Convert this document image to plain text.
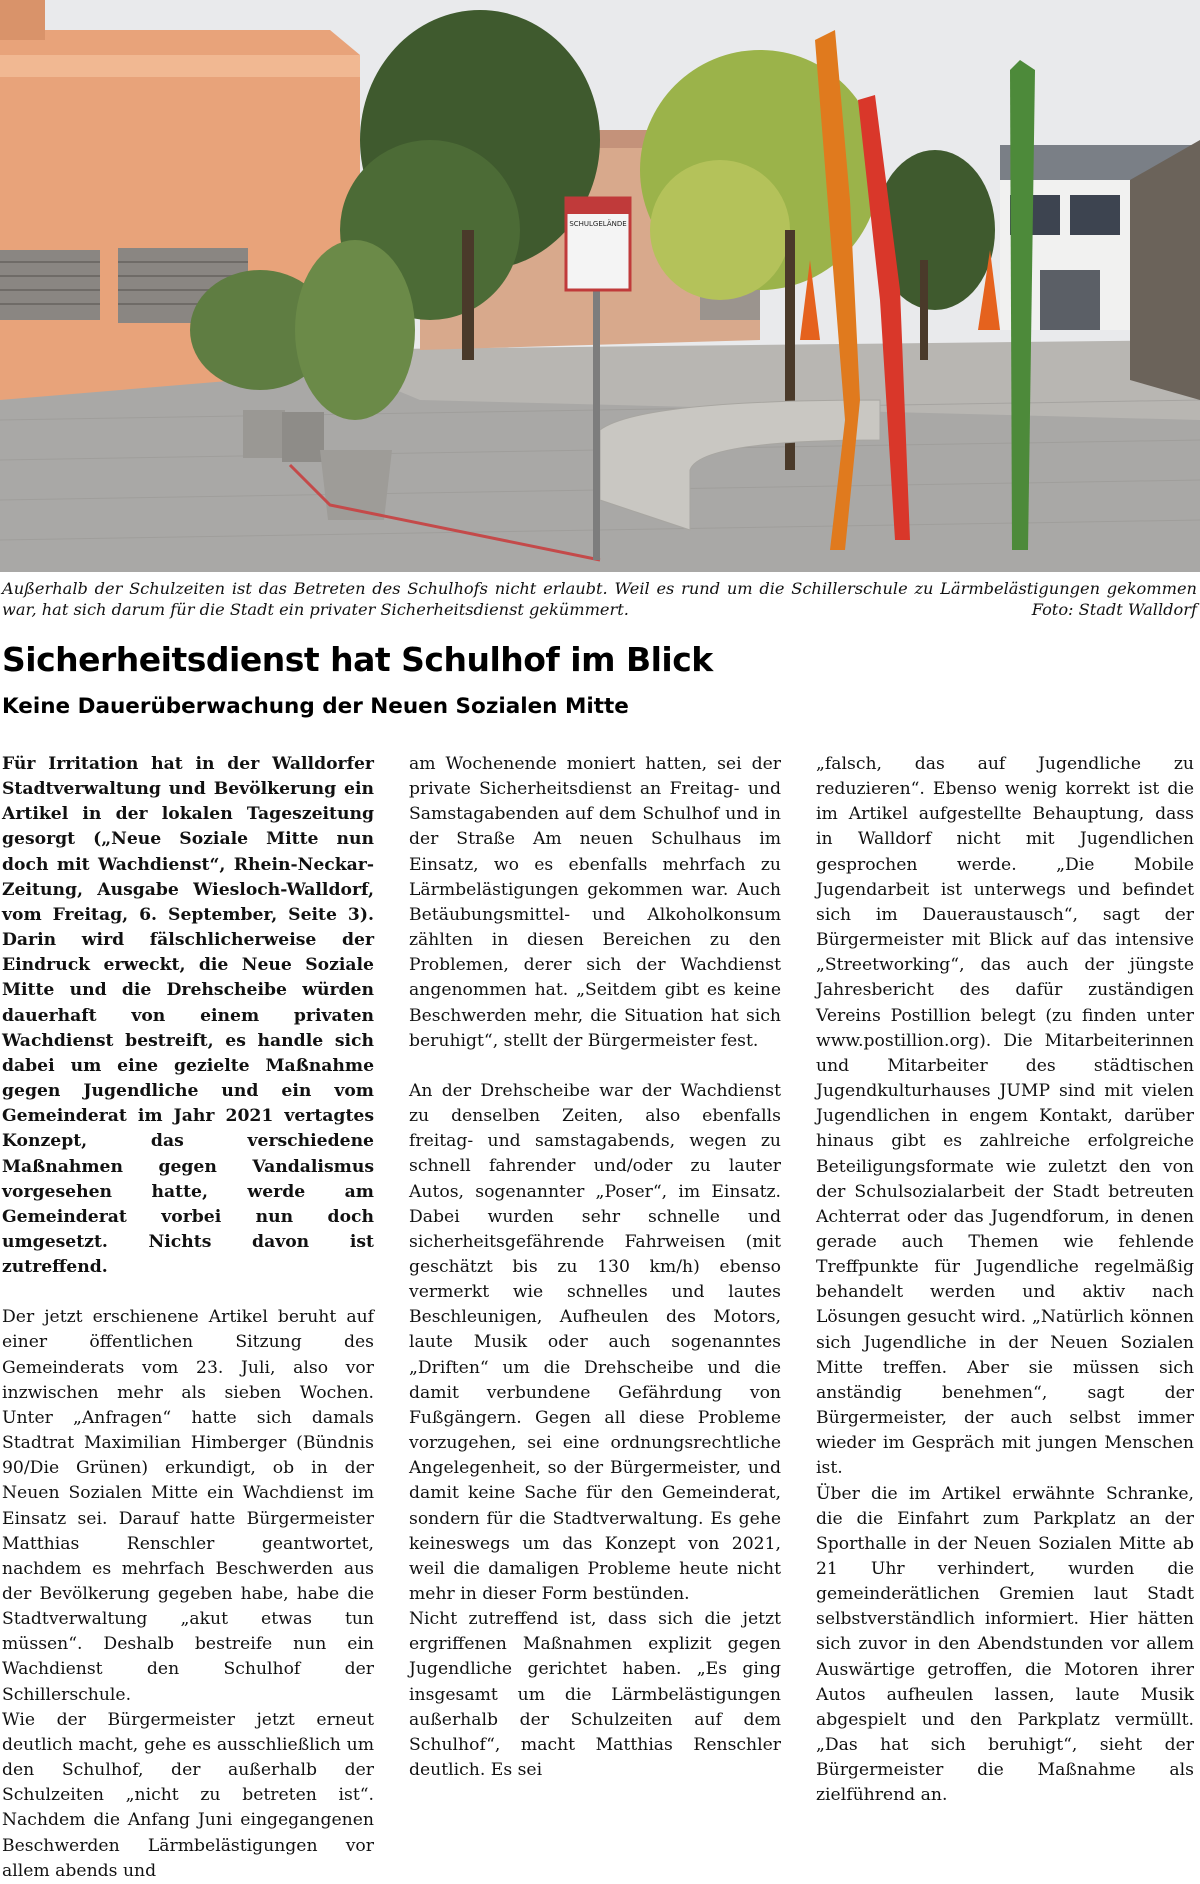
SCHULGELÄNDE
Außerhalb der Schulzeiten ist das Betreten des Schulhofs nicht erlaubt. Weil es rund um die Schillerschule zu Lärmbelästigungen gekommen war, hat sich darum für die Stadt ein privater Sicherheitsdienst gekümmert.	Foto: Stadt Walldorf
Sicherheitsdienst hat Schulhof im Blick
Keine Dauerüberwachung der Neuen Sozialen Mitte

Für Irritation hat in der Walldorfer Stadtverwaltung und Bevölkerung ein Artikel in der lokalen Tageszeitung gesorgt („Neue Soziale Mitte nun doch mit Wachdienst“, Rhein-Neckar-Zeitung, Ausgabe Wiesloch-Walldorf, vom Freitag, 6. September, Seite 3). Darin wird fälschlicherweise der Eindruck erweckt, die Neue Soziale Mitte und die Drehscheibe würden dauerhaft von einem privaten Wachdienst bestreift, es handle sich dabei um eine gezielte Maßnahme gegen Jugendliche und ein vom Gemeinderat im Jahr 2021 vertagtes Konzept, das verschiedene Maßnahmen gegen Vandalismus vorgesehen hatte, werde am Gemeinderat vorbei nun doch umgesetzt. Nichts davon ist zutreffend.

Der jetzt erschienene Artikel beruht auf einer öffentlichen Sitzung des Gemeinderats vom 23. Juli, also vor inzwischen mehr als sieben Wochen. Unter „Anfragen“ hatte sich damals Stadtrat Maximilian Himberger (Bündnis 90/Die Grünen) erkundigt, ob in der Neuen Sozialen Mitte ein Wachdienst im Einsatz sei. Darauf hatte Bürgermeister Matthias Renschler geantwortet, nachdem es mehrfach Beschwerden aus der Bevölkerung gegeben habe, habe die Stadtverwaltung „akut etwas tun müssen“. Deshalb bestreife nun ein Wachdienst den Schulhof der Schillerschule.

Wie der Bürgermeister jetzt erneut deutlich macht, gehe es ausschließlich um den Schulhof, der außerhalb der Schulzeiten „nicht zu betreten ist“. Nachdem die Anfang Juni eingegangenen Beschwerden Lärmbelästigungen vor allem abends und

am Wochenende moniert hatten, sei der private Sicherheitsdienst an Freitag- und Samstagabenden auf dem Schulhof und in der Straße Am neuen Schulhaus im Einsatz, wo es ebenfalls mehrfach zu Lärmbelästigungen gekommen war. Auch Betäubungsmittel- und Alkoholkonsum zählten in diesen Bereichen zu den Problemen, derer sich der Wachdienst angenommen hat. „Seitdem gibt es keine Beschwerden mehr, die Situation hat sich beruhigt“, stellt der Bürgermeister fest.

An der Drehscheibe war der Wachdienst zu denselben Zeiten, also ebenfalls freitag- und samstagabends, wegen zu schnell fahrender und/oder zu lauter Autos, sogenannter „Poser“, im Einsatz. Dabei wurden sehr schnelle und sicherheitsgefährende Fahrweisen (mit geschätzt bis zu 130 km/h) ebenso vermerkt wie schnelles und lautes Beschleunigen, Aufheulen des Motors, laute Musik oder auch sogenanntes „Driften“ um die Drehscheibe und die damit verbundene Gefährdung von Fußgängern. Gegen all diese Probleme vorzugehen, sei eine ordnungsrechtliche Angelegenheit, so der Bürgermeister, und damit keine Sache für den Gemeinderat, sondern für die Stadtverwaltung. Es gehe keineswegs um das Konzept von 2021, weil die damaligen Probleme heute nicht mehr in dieser Form bestünden.

Nicht zutreffend ist, dass sich die jetzt ergriffenen Maßnahmen explizit gegen Jugendliche gerichtet haben. „Es ging insgesamt um die Lärmbelästigungen außerhalb der Schulzeiten auf dem Schulhof“, macht Matthias Renschler deutlich. Es sei

„falsch, das auf Jugendliche zu reduzieren“. Ebenso wenig korrekt ist die im Artikel aufgestellte Behauptung, dass in Walldorf nicht mit Jugendlichen gesprochen werde. „Die Mobile Jugendarbeit ist unterwegs und befindet sich im Daueraustausch“, sagt der Bürgermeister mit Blick auf das intensive „Streetworking“, das auch der jüngste Jahresbericht des dafür zuständigen Vereins Postillion belegt (zu finden unter www.postillion.org). Die Mitarbeiterinnen und Mitarbeiter des städtischen Jugendkulturhauses JUMP sind mit vielen Jugendlichen in engem Kontakt, darüber hinaus gibt es zahlreiche erfolgreiche Beteiligungsformate wie zuletzt den von der Schulsozialarbeit der Stadt betreuten Achterrat oder das Jugendforum, in denen gerade auch Themen wie fehlende Treffpunkte für Jugendliche regelmäßig behandelt werden und aktiv nach Lösungen gesucht wird. „Natürlich können sich Jugendliche in der Neuen Sozialen Mitte treffen. Aber sie müssen sich anständig benehmen“, sagt der Bürgermeister, der auch selbst immer wieder im Gespräch mit jungen Menschen ist.

Über die im Artikel erwähnte Schranke, die die Einfahrt zum Parkplatz an der Sporthalle in der Neuen Sozialen Mitte ab 21 Uhr verhindert, wurden die gemeinderätlichen Gremien laut Stadt selbstverständlich informiert. Hier hätten sich zuvor in den Abendstunden vor allem Auswärtige getroffen, die Motoren ihrer Autos aufheulen lassen, laute Musik abgespielt und den Parkplatz vermüllt. „Das hat sich beruhigt“, sieht der Bürgermeister die Maßnahme als zielführend an.
